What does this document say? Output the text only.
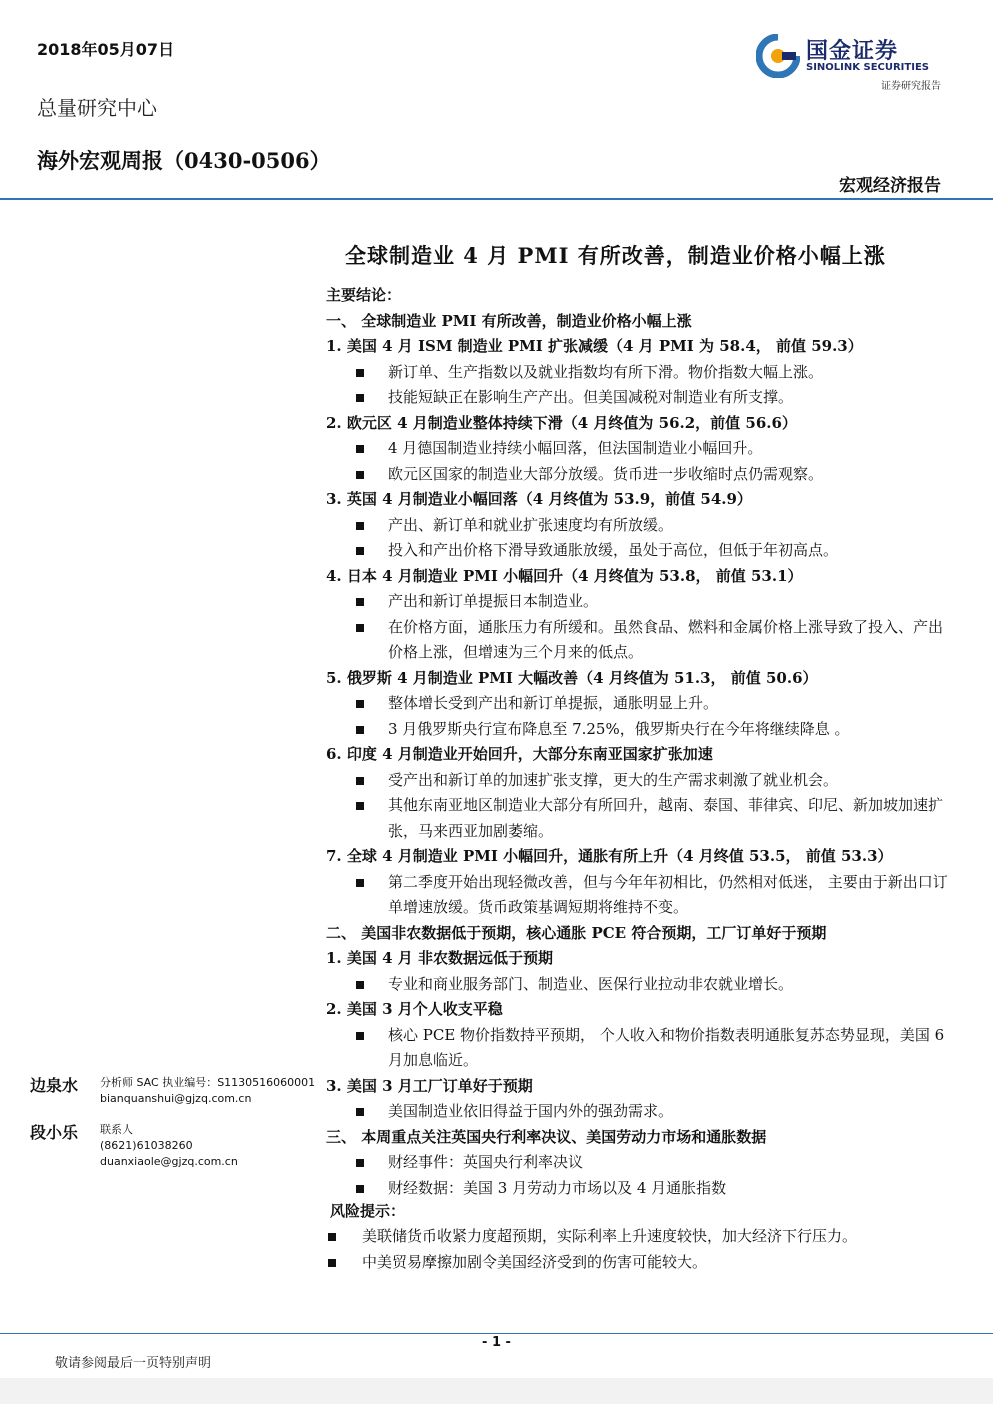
2018年05月07日
总量研究中心
海外宏观周报（0430-0506）
国金证券
SINOLINK SECURITIES
证券研究报告
宏观经济报告
全球制造业 4 月 PMI 有所改善，制造业价格小幅上涨
主要结论：
一、 全球制造业 PMI 有所改善，制造业价格小幅上涨
1. 美国 4 月 ISM 制造业 PMI 扩张减缓（4 月 PMI 为 58.4， 前值 59.3）
新订单、生产指数以及就业指数均有所下滑。物价指数大幅上涨。
技能短缺正在影响生产产出。但美国减税对制造业有所支撑。
2. 欧元区 4 月制造业整体持续下滑（4 月终值为 56.2，前值 56.6）
4 月德国制造业持续小幅回落，但法国制造业小幅回升。
欧元区国家的制造业大部分放缓。货币进一步收缩时点仍需观察。
3. 英国 4 月制造业小幅回落（4 月终值为 53.9，前值 54.9）
产出、新订单和就业扩张速度均有所放缓。
投入和产出价格下滑导致通胀放缓，虽处于高位，但低于年初高点。
4. 日本 4 月制造业 PMI 小幅回升（4 月终值为 53.8， 前值 53.1）
产出和新订单提振日本制造业。
在价格方面，通胀压力有所缓和。虽然食品、燃料和金属价格上涨导致了投入、产出价格上涨，但增速为三个月来的低点。
5. 俄罗斯 4 月制造业 PMI 大幅改善（4 月终值为 51.3， 前值 50.6）
整体增长受到产出和新订单提振，通胀明显上升。
3 月俄罗斯央行宣布降息至 7.25%，俄罗斯央行在今年将继续降息 。
6. 印度 4 月制造业开始回升，大部分东南亚国家扩张加速
受产出和新订单的加速扩张支撑，更大的生产需求刺激了就业机会。
其他东南亚地区制造业大部分有所回升，越南、泰国、菲律宾、印尼、新加坡加速扩张，马来西亚加剧萎缩。
7. 全球 4 月制造业 PMI 小幅回升，通胀有所上升（4 月终值 53.5， 前值 53.3）
第二季度开始出现轻微改善，但与今年年初相比，仍然相对低迷， 主要由于新出口订单增速放缓。货币政策基调短期将维持不变。
二、 美国非农数据低于预期，核心通胀 PCE 符合预期，工厂订单好于预期
1. 美国 4 月 非农数据远低于预期
专业和商业服务部门、制造业、医保行业拉动非农就业增长。
2. 美国 3 月个人收支平稳
核心 PCE 物价指数持平预期， 个人收入和物价指数表明通胀复苏态势显现，美国 6 月加息临近。
3. 美国 3 月工厂订单好于预期
美国制造业依旧得益于国内外的强劲需求。
三、 本周重点关注英国央行利率决议、美国劳动力市场和通胀数据
财经事件：英国央行利率决议
财经数据：美国 3 月劳动力市场以及 4 月通胀指数
风险提示：
美联储货币收紧力度超预期，实际利率上升速度较快，加大经济下行压力。
中美贸易摩擦加剧令美国经济受到的伤害可能较大。
边泉水 分析师 SAC 执业编号：S1130516060001
bianquanshui@gjzq.com.cn
段小乐 联系人
(8621)61038260
duanxiaole@gjzq.com.cn
- 1 -
敬请参阅最后一页特别声明
